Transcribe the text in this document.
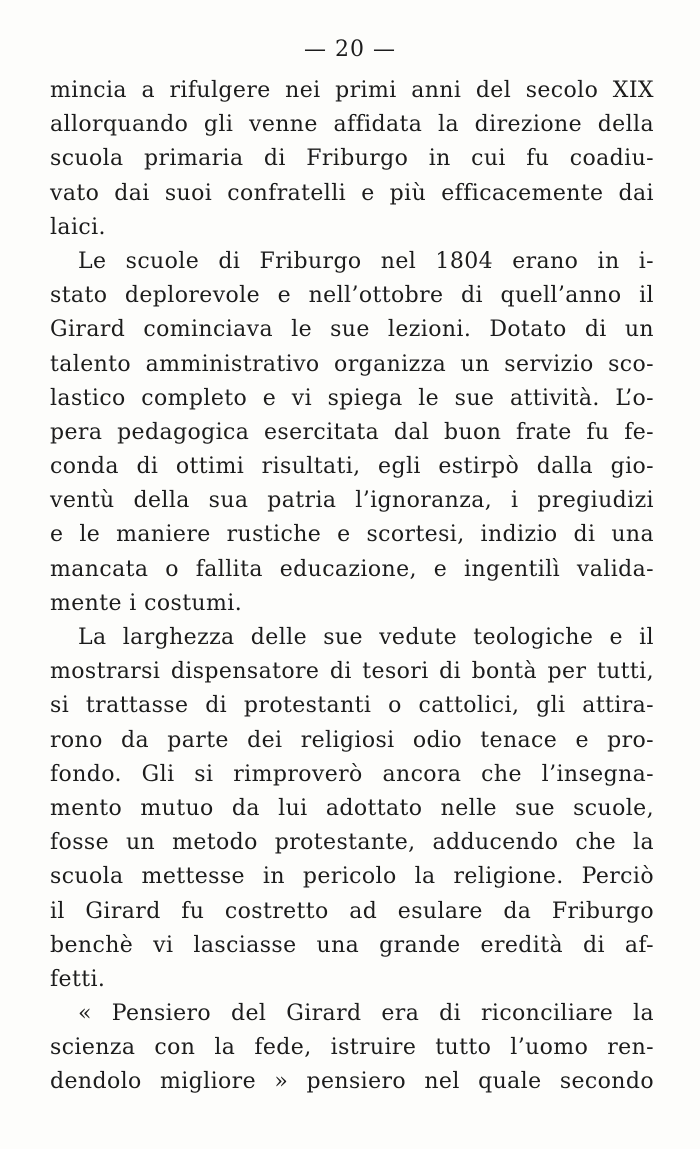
— 20 —
mincia a rifulgere nei primi anni del secolo XIX
allorquando gli venne affidata la direzione della
scuola primaria di Friburgo in cui fu coadiu-
vato dai suoi confratelli e più efficacemente dai
laici.
Le scuole di Friburgo nel 1804 erano in i-
stato deplorevole e nell’ottobre di quell’anno il
Girard cominciava le sue lezioni. Dotato di un
talento amministrativo organizza un servizio sco-
lastico completo e vi spiega le sue attività. L’o-
pera pedagogica esercitata dal buon frate fu fe-
conda di ottimi risultati, egli estirpò dalla gio-
ventù della sua patria l’ignoranza, i pregiudizi
e le maniere rustiche e scortesi, indizio di una
mancata o fallita educazione, e ingentilì valida-
mente i costumi.
La larghezza delle sue vedute teologiche e il
mostrarsi dispensatore di tesori di bontà per tutti,
si trattasse di protestanti o cattolici, gli attira-
rono da parte dei religiosi odio tenace e pro-
fondo. Gli si rimproverò ancora che l’insegna-
mento mutuo da lui adottato nelle sue scuole,
fosse un metodo protestante, adducendo che la
scuola mettesse in pericolo la religione. Perciò
il Girard fu costretto ad esulare da Friburgo
benchè vi lasciasse una grande eredità di af-
fetti.
« Pensiero del Girard era di riconciliare la
scienza con la fede, istruire tutto l’uomo ren-
dendolo migliore » pensiero nel quale secondo
